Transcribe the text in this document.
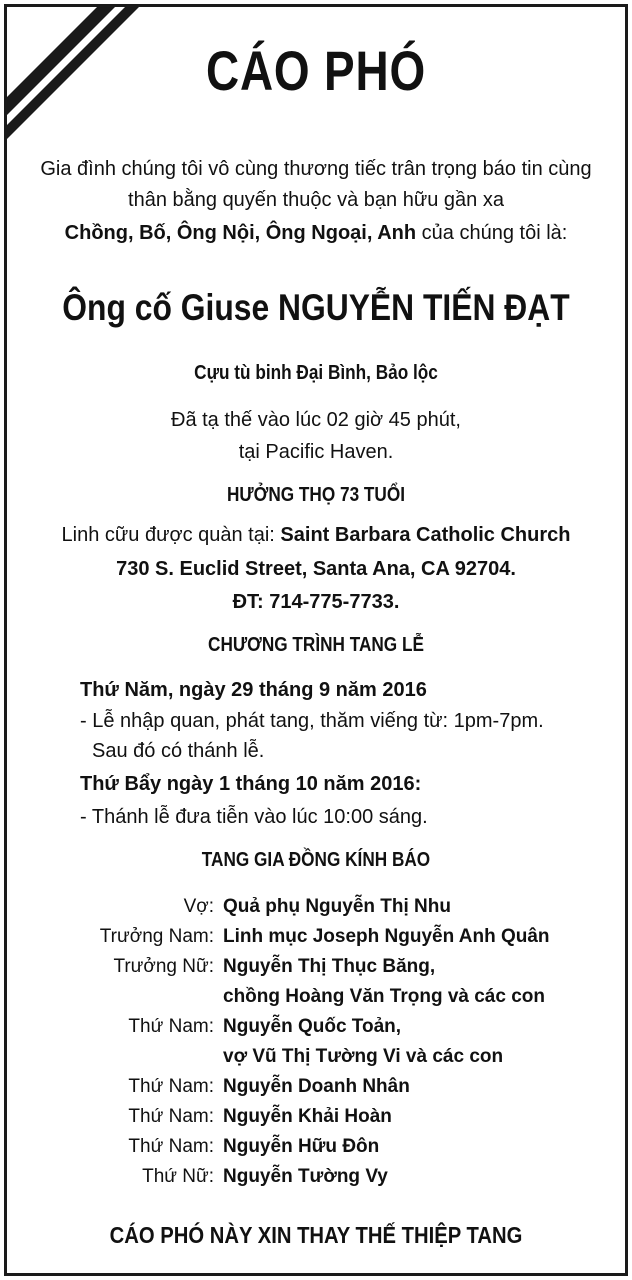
CÁO PHÓ
Gia đình chúng tôi vô cùng thương tiếc trân trọng báo tin cùng
thân bằng quyến thuộc và bạn hữu gần xa
Chồng, Bố, Ông Nội, Ông Ngoại, Anh của chúng tôi là:
Ông cố Giuse NGUYỄN TIẾN ĐẠT
Cựu tù binh Đại Bình, Bảo lộc
Đã tạ thế vào lúc 02 giờ 45 phút,
tại Pacific Haven.
HƯỞNG THỌ 73 TUỔI
Linh cữu được quàn tại: Saint Barbara Catholic Church
730 S. Euclid Street, Santa Ana, CA 92704.
ĐT: 714-775-7733.
CHƯƠNG TRÌNH TANG LỄ
Thứ Năm, ngày 29 tháng 9 năm 2016
- Lễ nhập quan, phát tang, thăm viếng từ: 1pm-7pm.
Sau đó có thánh lễ.
Thứ Bẩy ngày 1 tháng 10 năm 2016:
- Thánh lễ đưa tiễn vào lúc 10:00 sáng.
TANG GIA ĐỒNG KÍNH BÁO
Vợ: Quả phụ Nguyễn Thị Nhu
Trưởng Nam: Linh mục Joseph Nguyễn Anh Quân
Trưởng Nữ: Nguyễn Thị Thục Băng,
chồng Hoàng Văn Trọng và các con
Thứ Nam: Nguyễn Quốc Toản,
vợ Vũ Thị Tường Vi và các con
Thứ Nam: Nguyễn Doanh Nhân
Thứ Nam: Nguyễn Khải Hoàn
Thứ Nam: Nguyễn Hữu Đôn
Thứ Nữ: Nguyễn Tường Vy
CÁO PHÓ NÀY XIN THAY THẾ THIỆP TANG
